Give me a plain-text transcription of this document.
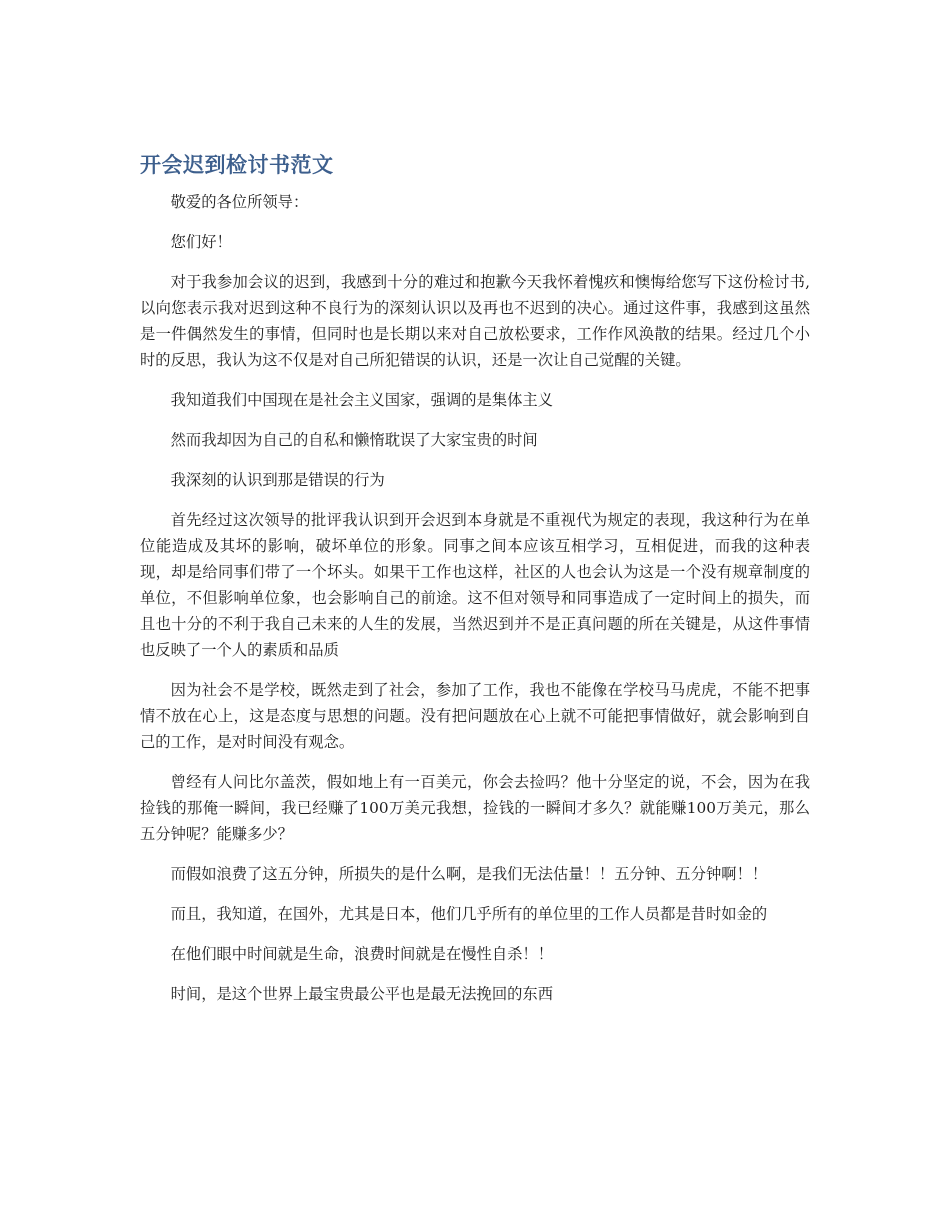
开会迟到检讨书范文

敬爱的各位所领导：

您们好！

对于我参加会议的迟到，我感到十分的难过和抱歉今天我怀着愧疚和懊悔给您写下这份检讨书,以向您表示我对迟到这种不良行为的深刻认识以及再也不迟到的决心。通过这件事，我感到这虽然是一件偶然发生的事情，但同时也是长期以来对自己放松要求，工作作风涣散的结果。经过几个小时的反思，我认为这不仅是对自己所犯错误的认识，还是一次让自己觉醒的关键。

我知道我们中国现在是社会主义国家，强调的是集体主义

然而我却因为自己的自私和懒惰耽误了大家宝贵的时间

我深刻的认识到那是错误的行为

首先经过这次领导的批评我认识到开会迟到本身就是不重视代为规定的表现，我这种行为在单位能造成及其坏的影响，破坏单位的形象。同事之间本应该互相学习，互相促进，而我的这种表现，却是给同事们带了一个坏头。如果干工作也这样，社区的人也会认为这是一个没有规章制度的单位，不但影响单位象，也会影响自己的前途。这不但对领导和同事造成了一定时间上的损失，而且也十分的不利于我自己未来的人生的发展，当然迟到并不是正真问题的所在关键是，从这件事情也反映了一个人的素质和品质

因为社会不是学校，既然走到了社会，参加了工作，我也不能像在学校马马虎虎，不能不把事情不放在心上，这是态度与思想的问题。没有把问题放在心上就不可能把事情做好，就会影响到自己的工作，是对时间没有观念。

曾经有人问比尔盖茨，假如地上有一百美元，你会去捡吗？他十分坚定的说，不会，因为在我捡钱的那俺一瞬间，我已经赚了100万美元我想，捡钱的一瞬间才多久？就能赚100万美元，那么五分钟呢？能赚多少？

而假如浪费了这五分钟，所损失的是什么啊，是我们无法估量！！五分钟、五分钟啊！！

而且，我知道，在国外，尤其是日本，他们几乎所有的单位里的工作人员都是昔时如金的

在他们眼中时间就是生命，浪费时间就是在慢性自杀！！

时间，是这个世界上最宝贵最公平也是最无法挽回的东西
